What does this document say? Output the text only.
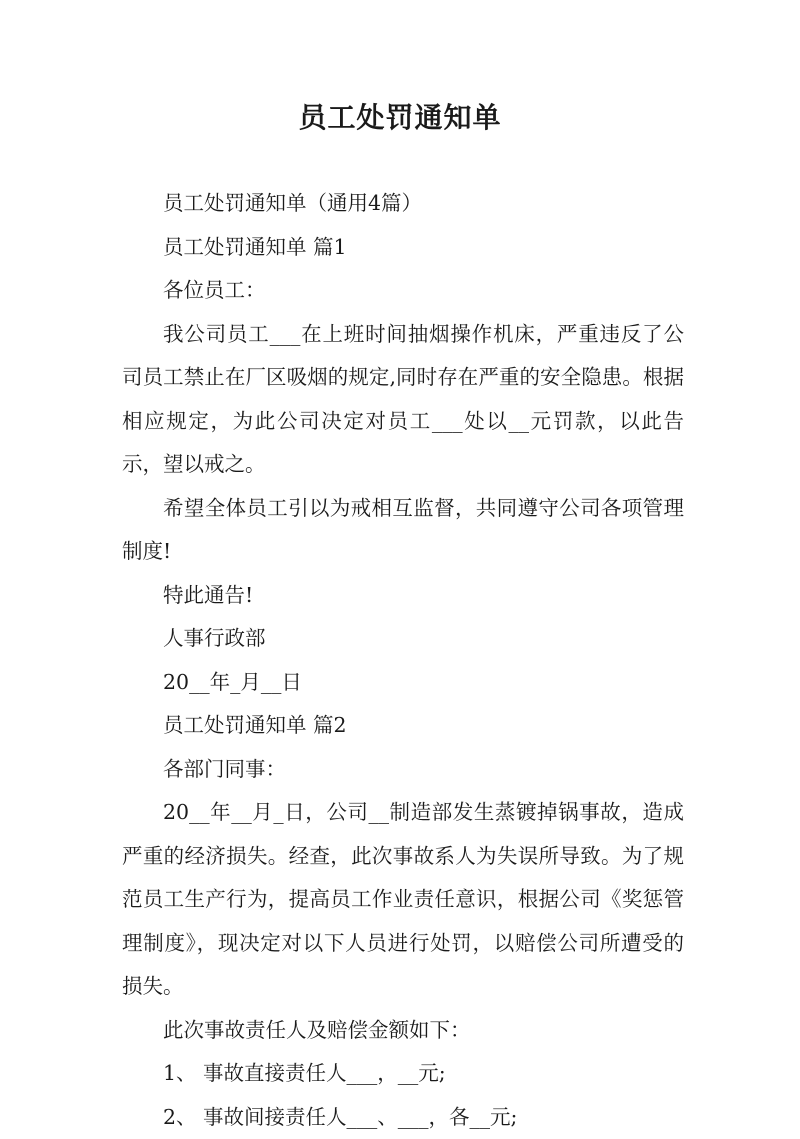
员工处罚通知单

员工处罚通知单（通用4篇）

员工处罚通知单 篇1

各位员工：

我公司员工___在上班时间抽烟操作机床，严重违反了公司员工禁止在厂区吸烟的规定,同时存在严重的安全隐患。根据相应规定，为此公司决定对员工___处以__元罚款，以此告示，望以戒之。

希望全体员工引以为戒相互监督，共同遵守公司各项管理制度!

特此通告!

人事行政部

20__年_月__日

员工处罚通知单 篇2

各部门同事：

20__年__月_日，公司__制造部发生蒸镀掉锅事故，造成严重的经济损失。经查，此次事故系人为失误所导致。为了规范员工生产行为，提高员工作业责任意识，根据公司《奖惩管理制度》，现决定对以下人员进行处罚，以赔偿公司所遭受的损失。

此次事故责任人及赔偿金额如下：

1、 事故直接责任人___，__元;

2、 事故间接责任人___、___，各__元;
